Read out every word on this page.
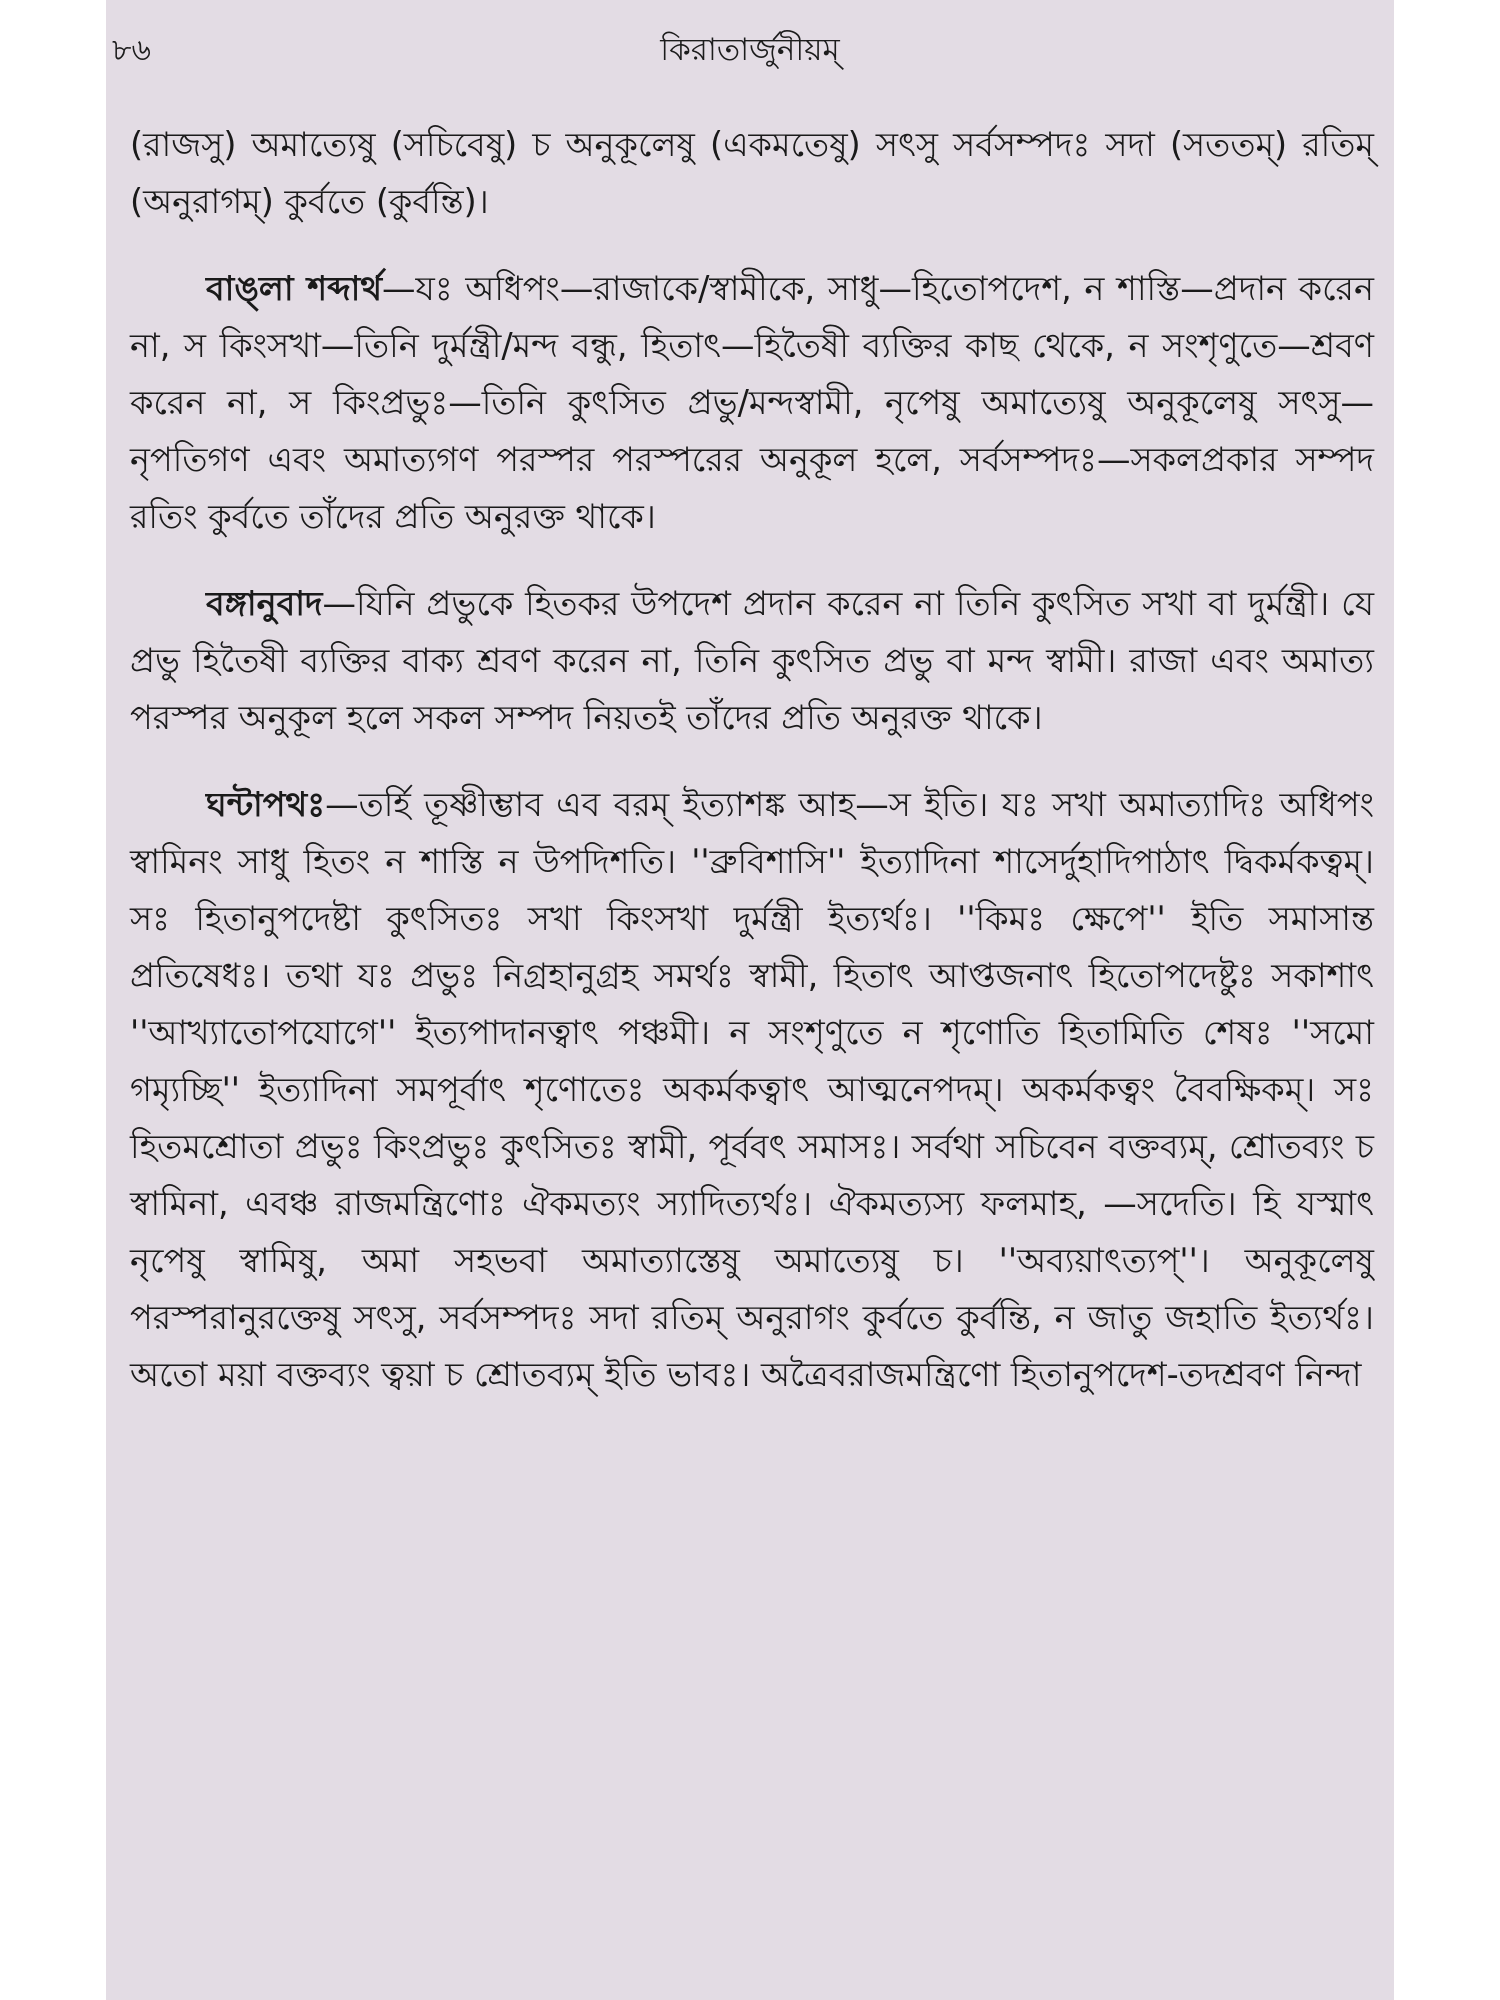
৮৬	কিরাতার্জুনীয়ম্

(রাজসু) অমাত্যেষু (সচিবেষু) চ অনুকূলেষু (একমতেষু) সৎসু সর্বসম্পদঃ সদা (সততম্) রতিম্ (অনুরাগম্) কুর্বতে (কুর্বন্তি)।

বাঙ্‌লা শব্দার্থ—যঃ অধিপং—রাজাকে/স্বামীকে, সাধু—হিতোপদেশ, ন শাস্তি—প্রদান করেন না, স কিংসখা—তিনি দুর্মন্ত্রী/মন্দ বন্ধু, হিতাৎ—হিতৈষী ব্যক্তির কাছ থেকে, ন সংশৃণুতে—শ্রবণ করেন না, স কিংপ্রভুঃ—তিনি কুৎসিত প্রভু/মন্দস্বামী, নৃপেষু অমাত্যেষু অনুকূলেষু সৎসু—নৃপতিগণ এবং অমাত্যগণ পরস্পর পরস্পরের অনুকূল হলে, সর্বসম্পদঃ—সকলপ্রকার সম্পদ রতিং কুর্বতে তাঁদের প্রতি অনুরক্ত থাকে।

বঙ্গানুবাদ—যিনি প্রভুকে হিতকর উপদেশ প্রদান করেন না তিনি কুৎসিত সখা বা দুর্মন্ত্রী। যে প্রভু হিতৈষী ব্যক্তির বাক্য শ্রবণ করেন না, তিনি কুৎসিত প্রভু বা মন্দ স্বামী। রাজা এবং অমাত্য পরস্পর অনুকূল হলে সকল সম্পদ নিয়তই তাঁদের প্রতি অনুরক্ত থাকে।

ঘন্টাপথঃ—তর্হি তূষ্ণীম্ভাব এব বরম্ ইত্যাশঙ্ক আহ—স ইতি। যঃ সখা অমাত্যাদিঃ অধিপং স্বামিনং সাধু হিতং ন শাস্তি ন উপদিশতি। ''ব্রুবিশাসি'' ইত্যাদিনা শাসের্দুহাদিপাঠাৎ দ্বিকর্মকত্বম্। সঃ হিতানুপদেষ্টা কুৎসিতঃ সখা কিংসখা দুর্মন্ত্রী ইত্যর্থঃ। ''কিমঃ ক্ষেপে'' ইতি সমাসান্ত প্রতিষেধঃ। তথা যঃ প্রভুঃ নিগ্রহানুগ্রহ সমর্থঃ স্বামী, হিতাৎ আপ্তজনাৎ হিতোপদেষ্টুঃ সকাশাৎ ''আখ্যাতোপযোগে'' ইত্যপাদানত্বাৎ পঞ্চমী। ন সংশৃণুতে ন শৃণোতি হিতামিতি শেষঃ ''সমো গম্যৃচ্ছি'' ইত্যাদিনা সমপূর্বাৎ শৃণোতেঃ অকর্মকত্বাৎ আত্মনেপদম্। অকর্মকত্বং বৈবক্ষিকম্। সঃ হিতমশ্রোতা প্রভুঃ কিংপ্রভুঃ কুৎসিতঃ স্বামী, পূর্ববৎ সমাসঃ। সর্বথা সচিবেন বক্তব্যম্, শ্রোতব্যং চ স্বামিনা, এবঞ্চ রাজমন্ত্রিণোঃ ঐকমত্যং স্যাদিত্যর্থঃ। ঐকমত্যস্য ফলমাহ, —সদেতি। হি যস্মাৎ নৃপেষু স্বামিষু, অমা সহভবা অমাত্যাস্তেষু অমাত্যেষু চ। ''অব্যয়াৎত্যপ্''। অনুকূলেষু পরস্পরানুরক্তেষু সৎসু, সর্বসম্পদঃ সদা রতিম্ অনুরাগং কুর্বতে কুর্বন্তি, ন জাতু জহাতি ইত্যর্থঃ। অতো ময়া বক্তব্যং ত্বয়া চ শ্রোতব্যম্ ইতি ভাবঃ। অত্রৈবরাজমন্ত্রিণো হিতানুপদেশ-তদশ্রবণ নিন্দা
